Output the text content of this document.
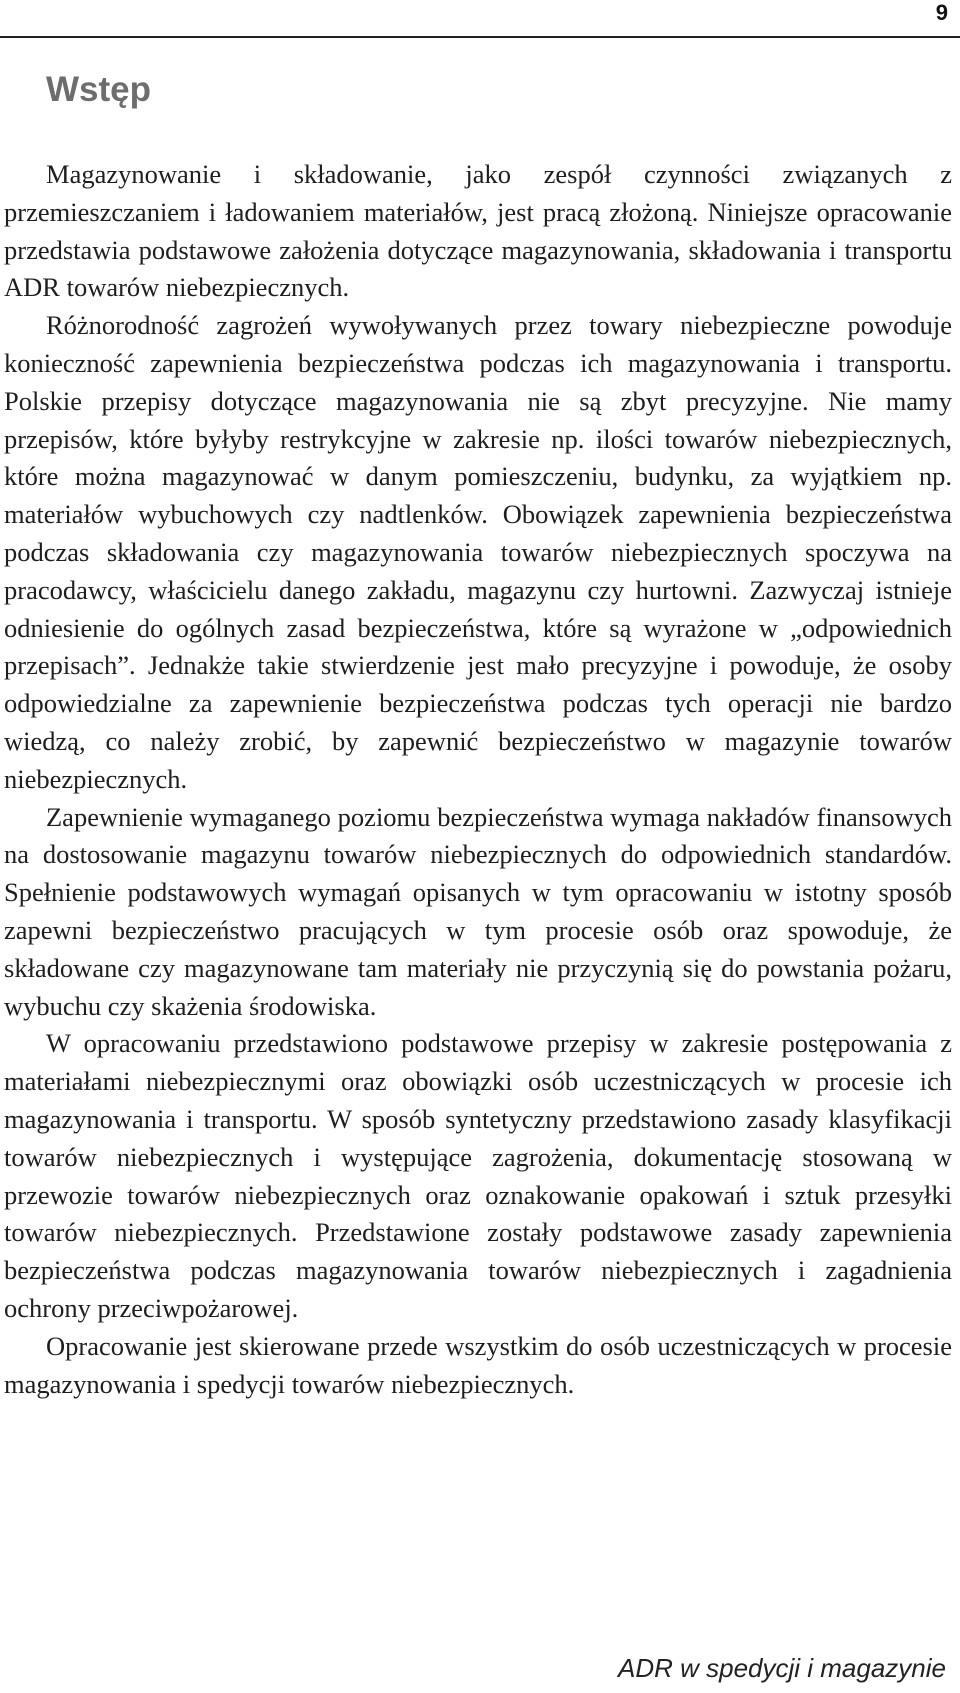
9
Wstęp

Magazynowanie i składowanie, jako zespół czynności związanych z przemieszczaniem i ładowaniem materiałów, jest pracą złożoną. Niniejsze opracowanie przedstawia podstawowe założenia dotyczące magazynowania, składowania i transportu ADR towarów niebezpiecznych.

Różnorodność zagrożeń wywoływanych przez towary niebezpieczne powoduje konieczność zapewnienia bezpieczeństwa podczas ich magazynowania i transportu. Polskie przepisy dotyczące magazynowania nie są zbyt precyzyjne. Nie mamy przepisów, które byłyby restrykcyjne w zakresie np. ilości towarów niebezpiecznych, które można magazynować w danym pomieszczeniu, budynku, za wyjątkiem np. materiałów wybuchowych czy nadtlenków. Obowiązek zapewnienia bezpieczeństwa podczas składowania czy magazynowania towarów niebezpiecznych spoczywa na pracodawcy, właścicielu danego zakładu, magazynu czy hurtowni. Zazwyczaj istnieje odniesienie do ogólnych zasad bezpieczeństwa, które są wyrażone w „odpowiednich przepisach”. Jednakże takie stwierdzenie jest mało precyzyjne i powoduje, że osoby odpowiedzialne za zapewnienie bezpieczeństwa podczas tych operacji nie bardzo wiedzą, co należy zrobić, by zapewnić bezpieczeństwo w magazynie towarów niebezpiecznych.

Zapewnienie wymaganego poziomu bezpieczeństwa wymaga nakładów finansowych na dostosowanie magazynu towarów niebezpiecznych do odpowiednich standardów. Spełnienie podstawowych wymagań opisanych w tym opracowaniu w istotny sposób zapewni bezpieczeństwo pracujących w tym procesie osób oraz spowoduje, że składowane czy magazynowane tam materiały nie przyczynią się do powstania pożaru, wybuchu czy skażenia środowiska.

W opracowaniu przedstawiono podstawowe przepisy w zakresie postępowania z materiałami niebezpiecznymi oraz obowiązki osób uczestniczących w procesie ich magazynowania i transportu. W sposób syntetyczny przedstawiono zasady klasyfikacji towarów niebezpiecznych i występujące zagrożenia, dokumentację stosowaną w przewozie towarów niebezpiecznych oraz oznakowanie opakowań i sztuk przesyłki towarów niebezpiecznych. Przedstawione zostały podstawowe zasady zapewnienia bezpieczeństwa podczas magazynowania towarów niebezpiecznych i zagadnienia ochrony przeciwpożarowej.

Opracowanie jest skierowane przede wszystkim do osób uczestniczących w procesie magazynowania i spedycji towarów niebezpiecznych.

ADR w spedycji i magazynie
